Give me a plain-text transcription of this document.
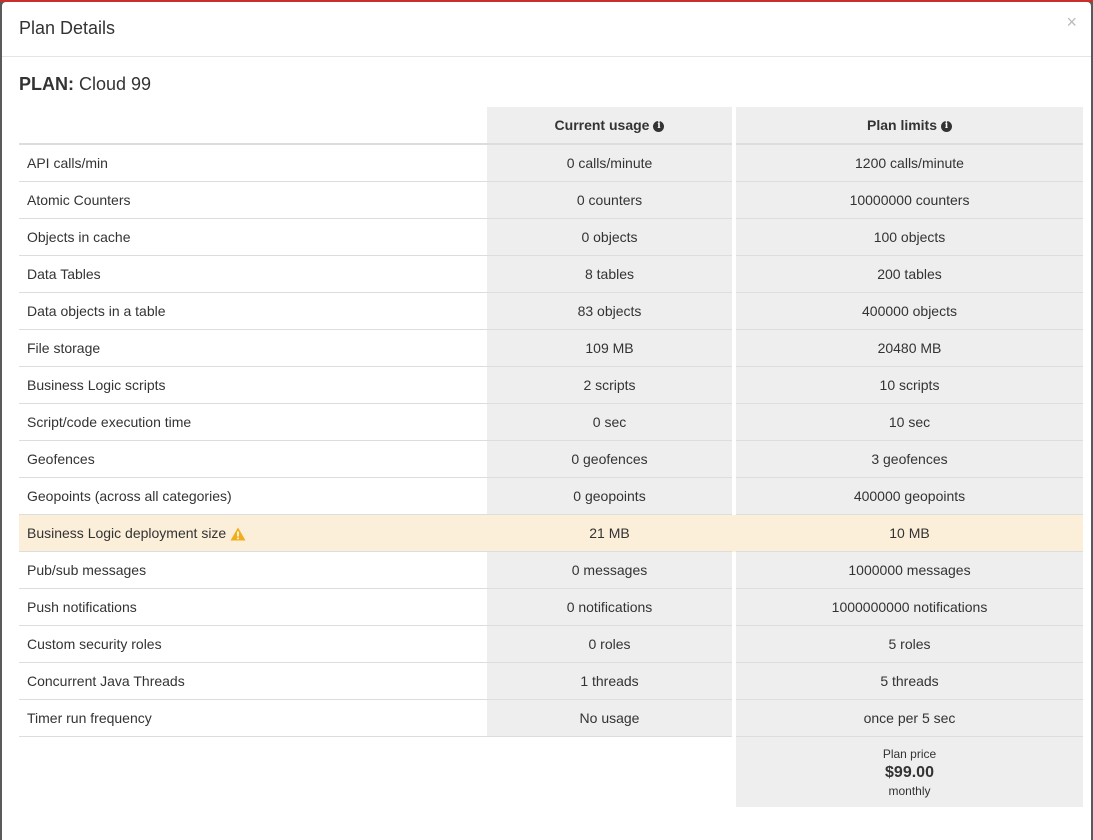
Plan Details	×
PLAN: Cloud 99
	Current usage i		Plan limits i
API calls/min	0 calls/minute		1200 calls/minute
Atomic Counters	0 counters		10000000 counters
Objects in cache	0 objects		100 objects
Data Tables	8 tables		200 tables
Data objects in a table	83 objects		400000 objects
File storage	109 MB		20480 MB
Business Logic scripts	2 scripts		10 scripts
Script/code execution time	0 sec		10 sec
Geofences	0 geofences		3 geofences
Geopoints (across all categories)	0 geopoints		400000 geopoints
Business Logic deployment size	21 MB		10 MB
Pub/sub messages	0 messages		1000000 messages
Push notifications	0 notifications		1000000000 notifications
Custom security roles	0 roles		5 roles
Concurrent Java Threads	1 threads		5 threads
Timer run frequency	No usage		once per 5 sec

			Plan price
$99.00
monthly
